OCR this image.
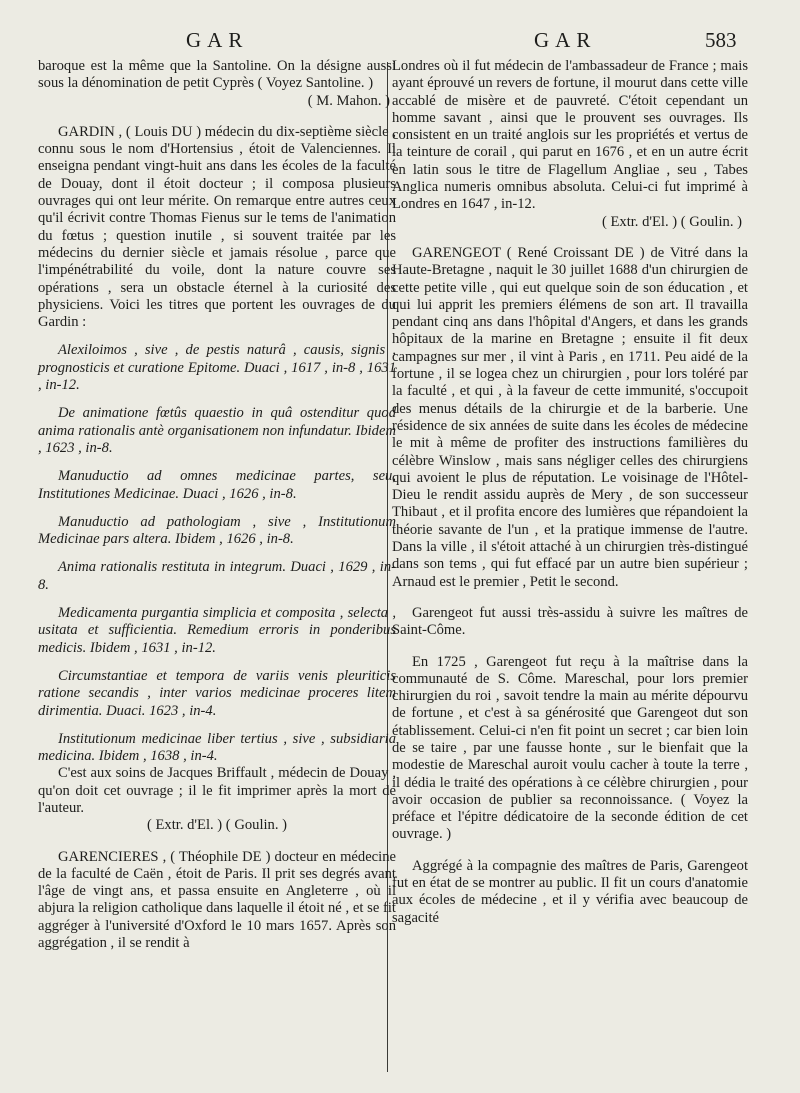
GAR	GAR	583

baroque est la même que la Santoline. On la désigne aussi sous la dénomination de petit Cyprès ( Voyez Santoline. )

( M. Mahon. )

GARDIN , ( Louis DU ) médecin du dix-septième siècle , connu sous le nom d'Hortensius , étoit de Valenciennes. Il enseigna pendant vingt-huit ans dans les écoles de la faculté de Douay, dont il étoit docteur ; il composa plusieurs ouvrages qui ont leur mérite. On remarque entre autres ceux qu'il écrivit contre Thomas Fienus sur le tems de l'animation du fœtus ; question inutile , si souvent traitée par les médecins du dernier siècle et jamais résolue , parce que l'impénétrabilité du voile, dont la nature couvre ses opérations , sera un obstacle éternel à la curiosité des physiciens. Voici les titres que portent les ouvrages de du Gardin :

Alexiloimos , sive , de pestis naturâ , causis, signis , prognosticis et curatione Epitome. Duaci , 1617 , in-8 , 1631 , in-12.

De animatione fœtûs quaestio in quâ ostenditur quod anima rationalis antè organisationem non infundatur. Ibidem , 1623 , in-8.

Manuductio ad omnes medicinae partes, seu, Institutiones Medicinae. Duaci , 1626 , in-8.

Manuductio ad pathologiam , sive , Institutionum Medicinae pars altera. Ibidem , 1626 , in-8.

Anima rationalis restituta in integrum. Duaci , 1629 , in-8.

Medicamenta purgantia simplicia et composita , selecta , usitata et sufficientia. Remedium erroris in ponderibus medicis. Ibidem , 1631 , in-12.

Circumstantiae et tempora de variis venis pleuriticis ratione secandis , inter varios medicinae proceres litem dirimentia. Duaci. 1623 , in-4.

Institutionum medicinae liber tertius , sive , subsidiaria medicina. Ibidem , 1638 , in-4.

C'est aux soins de Jacques Briffault , médecin de Douay , qu'on doit cet ouvrage ; il le fit imprimer après la mort de l'auteur.

( Extr. d'El. ) ( Goulin. )

GARENCIERES , ( Théophile DE ) docteur en médecine de la faculté de Caën , étoit de Paris. Il prit ses degrés avant l'âge de vingt ans, et passa ensuite en Angleterre , où il abjura la religion catholique dans laquelle il étoit né , et se fit aggréger à l'université d'Oxford le 10 mars 1657. Après son aggrégation , il se rendit à

Londres où il fut médecin de l'ambassadeur de France ; mais ayant éprouvé un revers de fortune, il mourut dans cette ville accablé de misère et de pauvreté. C'étoit cependant un homme savant , ainsi que le prouvent ses ouvrages. Ils consistent en un traité anglois sur les propriétés et vertus de la teinture de corail , qui parut en 1676 , et en un autre écrit en latin sous le titre de Flagellum Angliae , seu , Tabes Anglica numeris omnibus absoluta. Celui-ci fut imprimé à Londres en 1647 , in-12.

( Extr. d'El. ) ( Goulin. )

GARENGEOT ( René Croissant DE ) de Vitré dans la Haute-Bretagne , naquit le 30 juillet 1688 d'un chirurgien de cette petite ville , qui eut quelque soin de son éducation , et qui lui apprit les premiers élémens de son art. Il travailla pendant cinq ans dans l'hôpital d'Angers, et dans les grands hôpitaux de la marine en Bretagne ; ensuite il fit deux campagnes sur mer , il vint à Paris , en 1711. Peu aidé de la fortune , il se logea chez un chirurgien , pour lors toléré par la faculté , et qui , à la faveur de cette immunité, s'occupoit des menus détails de la chirurgie et de la barberie. Une résidence de six années de suite dans les écoles de médecine le mit à même de profiter des instructions familières du célèbre Winslow , mais sans négliger celles des chirurgiens qui avoient le plus de réputation. Le voisinage de l'Hôtel-Dieu le rendit assidu auprès de Mery , de son successeur Thibaut , et il profita encore des lumières que répandoient la théorie savante de l'un , et la pratique immense de l'autre. Dans la ville , il s'étoit attaché à un chirurgien très-distingué dans son tems , qui fut effacé par un autre bien supérieur ; Arnaud est le premier , Petit le second.

Garengeot fut aussi très-assidu à suivre les maîtres de Saint-Côme.

En 1725 , Garengeot fut reçu à la maîtrise dans la communauté de S. Côme. Mareschal, pour lors premier chirurgien du roi , savoit tendre la main au mérite dépourvu de fortune , et c'est à sa générosité que Garengeot dut son établissement. Celui-ci n'en fit point un secret ; car bien loin de se taire , par une fausse honte , sur le bienfait que la modestie de Mareschal auroit voulu cacher à toute la terre , il dédia le traité des opérations à ce célèbre chirurgien , pour avoir occasion de publier sa reconnoissance. ( Voyez la préface et l'épitre dédicatoire de la seconde édition de cet ouvrage. )

Aggrégé à la compagnie des maîtres de Paris, Garengeot fut en état de se montrer au public. Il fit un cours d'anatomie aux écoles de médecine , et il y vérifia avec beaucoup de sagacité
